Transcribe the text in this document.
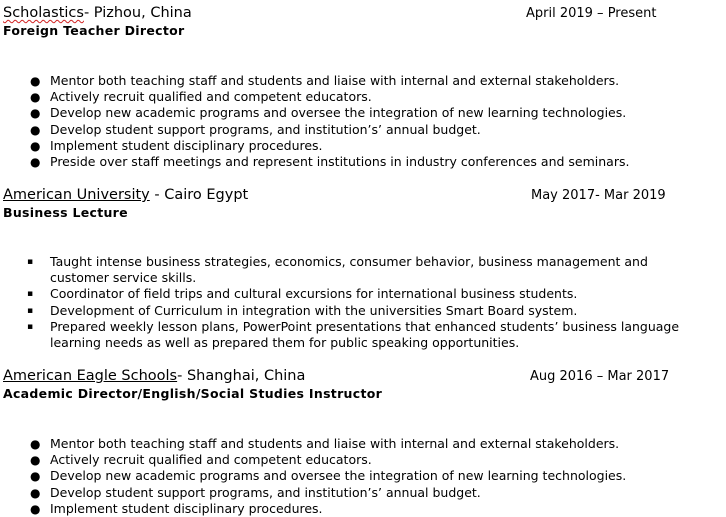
Scholastics- Pizhou, China	April 2019 – Present
Foreign Teacher Director
● Mentor both teaching staff and students and liaise with internal and external stakeholders.
● Actively recruit qualified and competent educators.
● Develop new academic programs and oversee the integration of new learning technologies.
● Develop student support programs, and institution’s’ annual budget.
● Implement student disciplinary procedures.
● Preside over staff meetings and represent institutions in industry conferences and seminars.
American University - Cairo Egypt	May 2017- Mar 2019
Business Lecture
▪ Taught intense business strategies, economics, consumer behavior, business management and
customer service skills.
▪ Coordinator of field trips and cultural excursions for international business students.
▪ Development of Curriculum in integration with the universities Smart Board system.
▪ Prepared weekly lesson plans, PowerPoint presentations that enhanced students’ business language
learning needs as well as prepared them for public speaking opportunities.
American Eagle Schools- Shanghai, China	Aug 2016 – Mar 2017
Academic Director/English/Social Studies Instructor
● Mentor both teaching staff and students and liaise with internal and external stakeholders.
● Actively recruit qualified and competent educators.
● Develop new academic programs and oversee the integration of new learning technologies.
● Develop student support programs, and institution’s’ annual budget.
● Implement student disciplinary procedures.
